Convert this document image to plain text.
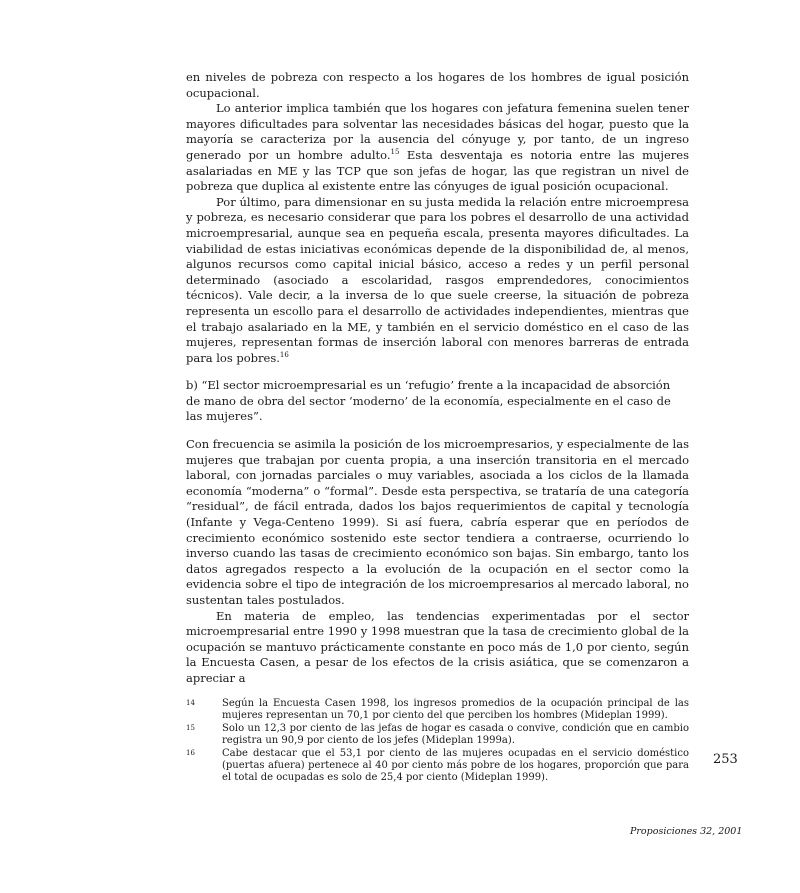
en niveles de pobreza con respecto a los hogares de los hombres de igual posición ocupacional.

Lo anterior implica también que los hogares con jefatura femenina suelen tener mayores dificultades para solventar las necesidades básicas del hogar, puesto que la mayoría se caracteriza por la ausencia del cónyuge y, por tanto, de un ingreso generado por un hombre adulto.$^{15}$ Esta desventaja es notoria entre las mujeres asalariadas en ME y las TCP que son jefas de hogar, las que registran un nivel de pobreza que duplica al existente entre las cónyuges de igual posición ocupacional.

Por último, para dimensionar en su justa medida la relación entre microempresa y pobreza, es necesario considerar que para los pobres el desarrollo de una actividad microempresarial, aunque sea en pequeña escala, presenta mayores dificultades. La viabilidad de estas iniciativas económicas depende de la disponibilidad de, al menos, algunos recursos como capital inicial básico, acceso a redes y un perfil personal determinado (asociado a escolaridad, rasgos emprendedores, conocimientos técnicos). Vale decir, a la inversa de lo que suele creerse, la situación de pobreza representa un escollo para el desarrollo de actividades independientes, mientras que el trabajo asalariado en la ME, y también en el servicio doméstico en el caso de las mujeres, representan formas de inserción laboral con menores barreras de entrada para los pobres.$^{16}$

b) “El sector microempresarial es un ‘refugio’ frente a la incapacidad de absorción de mano de obra del sector ‘moderno’ de la economía, especialmente en el caso de las mujeres”.

Con frecuencia se asimila la posición de los microempresarios, y especialmente de las mujeres que trabajan por cuenta propia, a una inserción transitoria en el mercado laboral, con jornadas parciales o muy variables, asociada a los ciclos de la llamada economía “moderna” o “formal”. Desde esta perspectiva, se trataría de una categoría “residual”, de fácil entrada, dados los bajos requerimientos de capital y tecnología (Infante y Vega-Centeno 1999). Si así fuera, cabría esperar que en períodos de crecimiento económico sostenido este sector tendiera a contraerse, ocurriendo lo inverso cuando las tasas de crecimiento económico son bajas. Sin embargo, tanto los datos agregados respecto a la evolución de la ocupación en el sector como la evidencia sobre el tipo de integración de los microempresarios al mercado laboral, no sustentan tales postulados.

En materia de empleo, las tendencias experimentadas por el sector microempresarial entre 1990 y 1998 muestran que la tasa de crecimiento global de la ocupación se mantuvo prácticamente constante en poco más de 1,0 por ciento, según la Encuesta Casen, a pesar de los efectos de la crisis asiática, que se comenzaron a apreciar a

14	Según la Encuesta Casen 1998, los ingresos promedios de la ocupación principal de las mujeres representan un 70,1 por ciento del que perciben los hombres (Mideplan 1999).
15	Solo un 12,3 por ciento de las jefas de hogar es casada o convive, condición que en cambio registra un 90,9 por ciento de los jefes (Mideplan 1999a).
16	Cabe destacar que el 53,1 por ciento de las mujeres ocupadas en el servicio doméstico (puertas afuera) pertenece al 40 por ciento más pobre de los hogares, proporción que para el total de ocupadas es solo de 25,4 por ciento (Mideplan 1999).
253
Proposiciones 32, 2001
